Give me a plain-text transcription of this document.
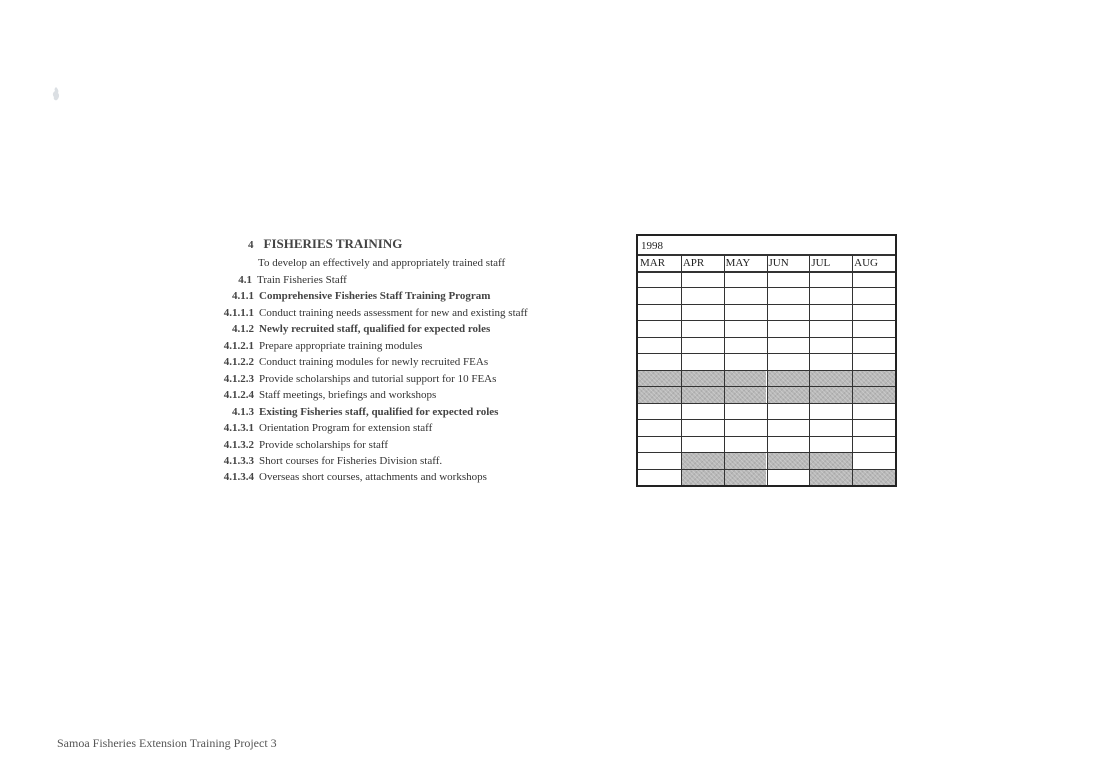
4 FISHERIES TRAINING
To develop an effectively and appropriately trained staff
4.1 Train Fisheries Staff
4.1.1 Comprehensive Fisheries Staff Training Program
4.1.1.1 Conduct training needs assessment for new and existing staff
4.1.2 Newly recruited staff, qualified for expected roles
4.1.2.1 Prepare appropriate training modules
4.1.2.2 Conduct training modules for newly recruited FEAs
4.1.2.3 Provide scholarships and tutorial support for 10 FEAs
4.1.2.4 Staff meetings, briefings and workshops
4.1.3 Existing Fisheries staff, qualified for expected roles
4.1.3.1 Orientation Program for extension staff
4.1.3.2 Provide scholarships for staff
4.1.3.3 Short courses for Fisheries Division staff.
4.1.3.4 Overseas short courses, attachments and workshops
1998
MAR APR MAY JUN JUL AUG
Samoa Fisheries Extension Training Project 3
